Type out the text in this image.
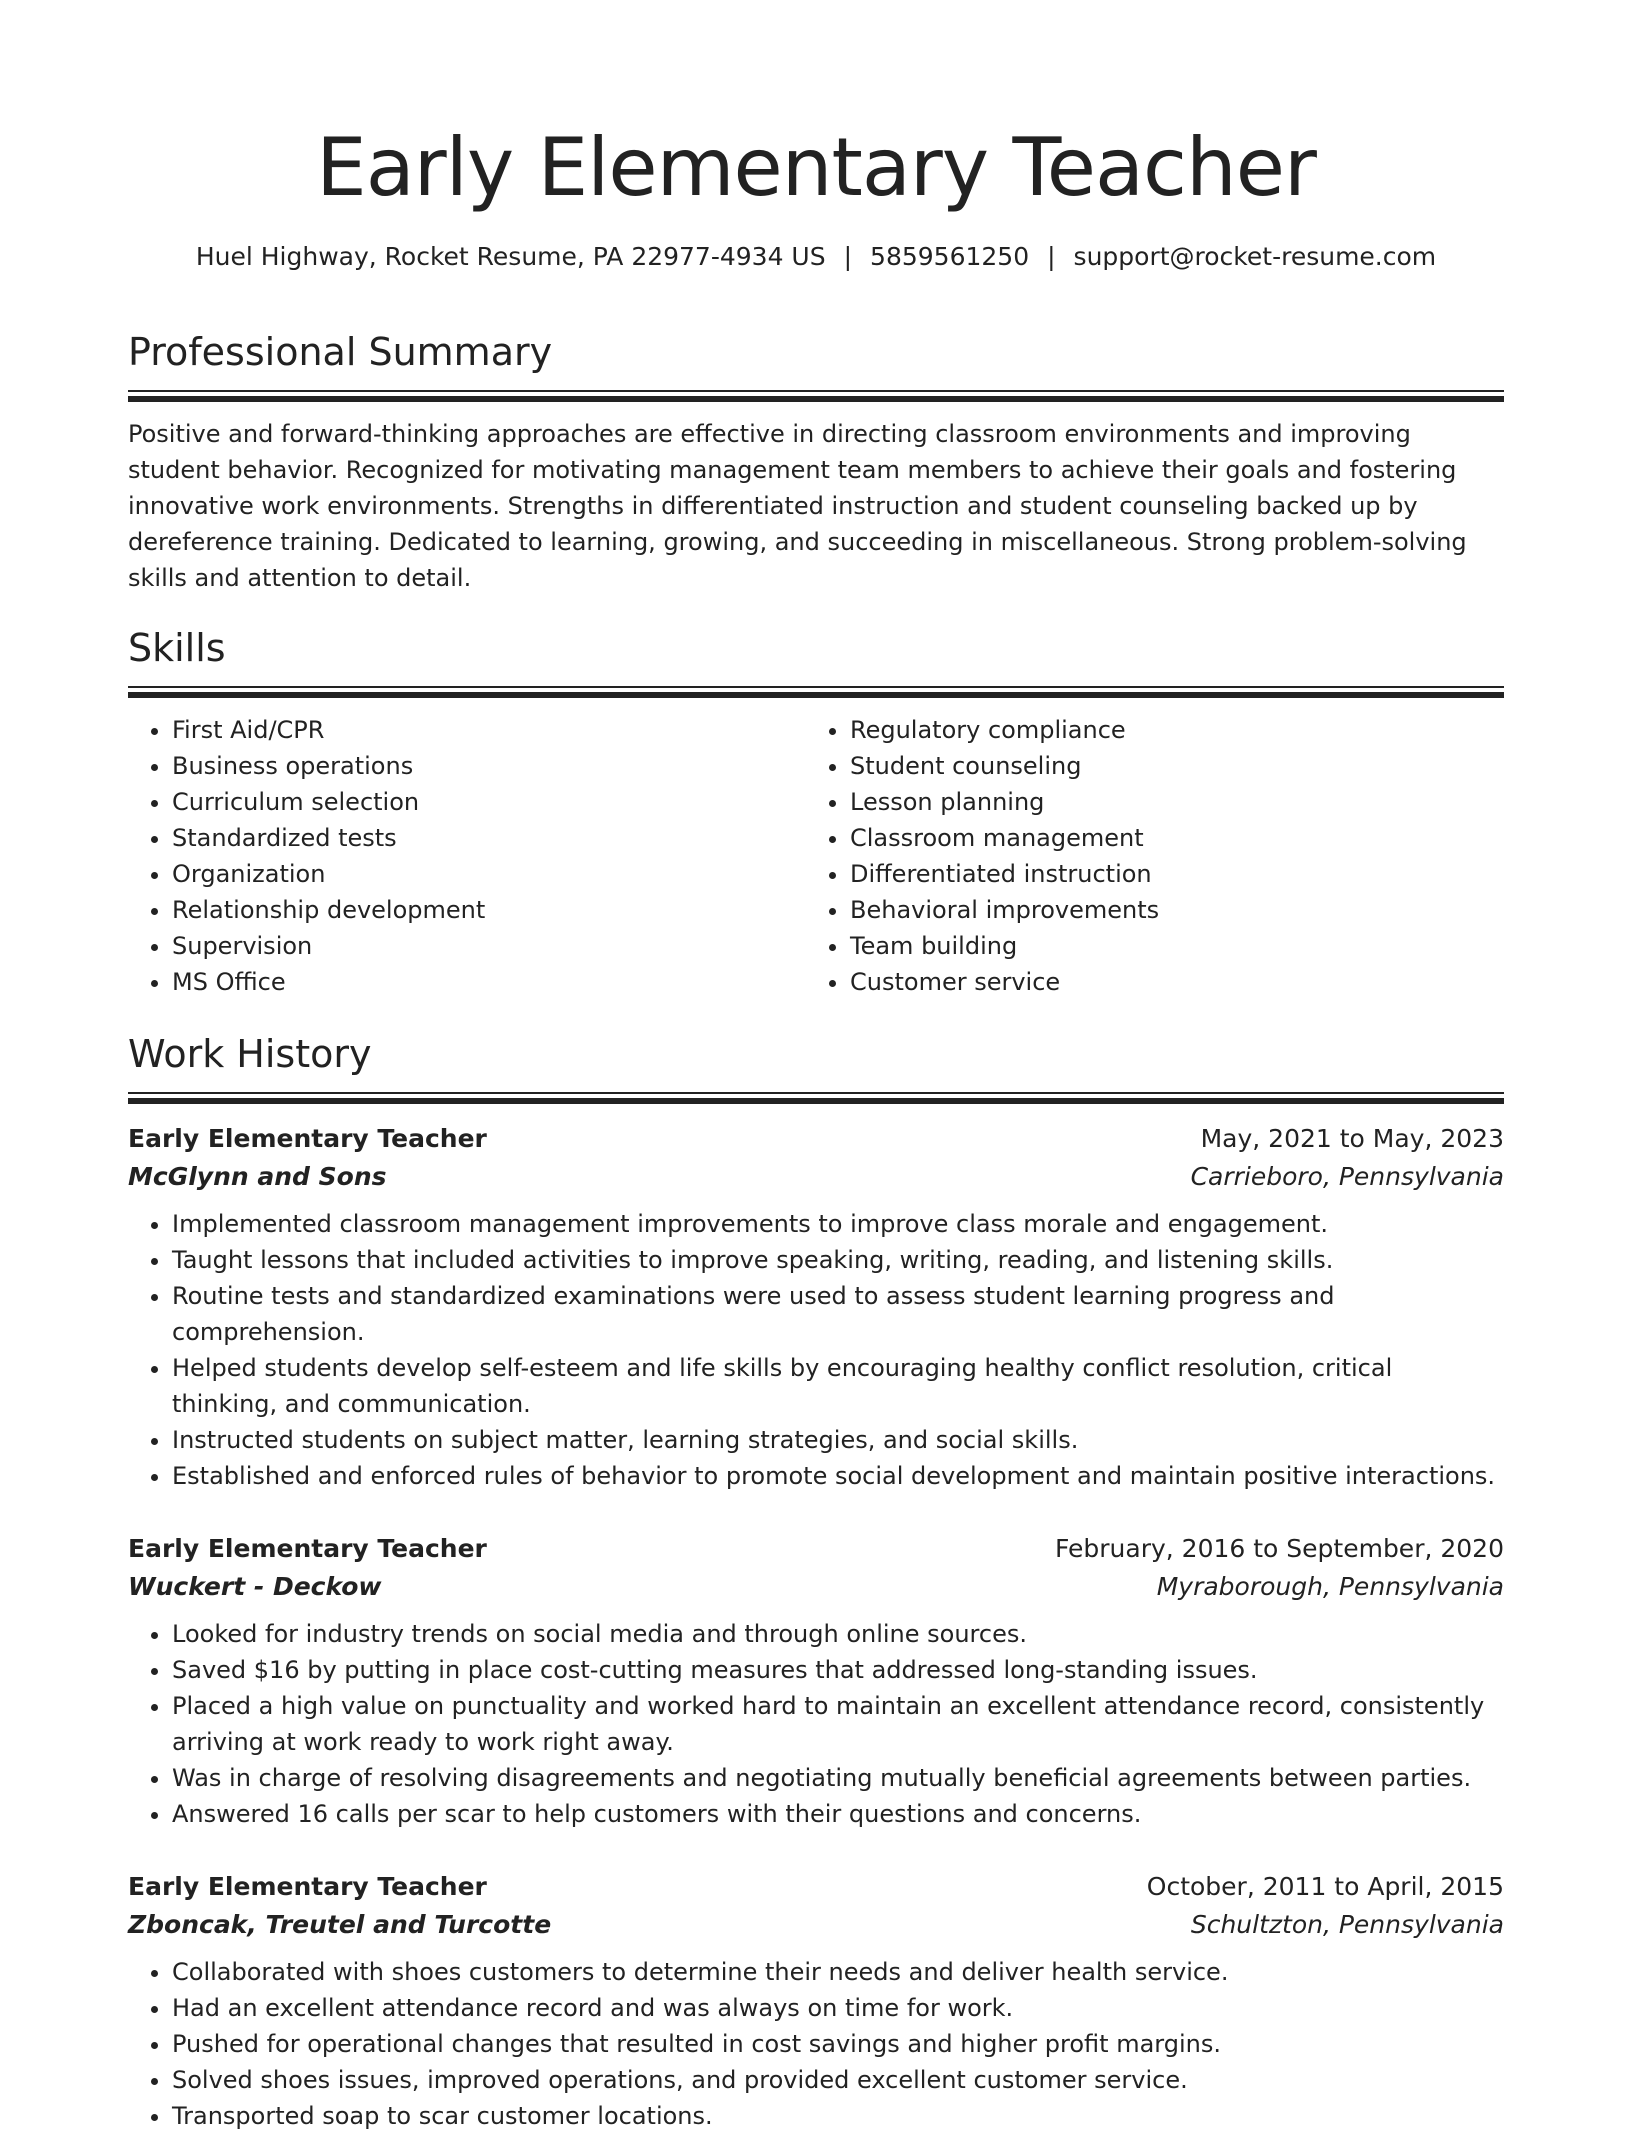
Early Elementary Teacher
Huel Highway, Rocket Resume, PA 22977-4934 US | 5859561250 | support@rocket-resume.com
Professional Summary

Positive and forward-thinking approaches are effective in directing classroom environments and improving student behavior. Recognized for motivating management team members to achieve their goals and fostering innovative work environments. Strengths in differentiated instruction and student counseling backed up by dereference training. Dedicated to learning, growing, and succeeding in miscellaneous. Strong problem-solving skills and attention to detail.

Skills
• First Aid/CPR
• Business operations
• Curriculum selection
• Standardized tests
• Organization
• Relationship development
• Supervision
• MS Office
• Regulatory compliance
• Student counseling
• Lesson planning
• Classroom management
• Differentiated instruction
• Behavioral improvements
• Team building
• Customer service
Work History
Early Elementary Teacher	May, 2021 to May, 2023
McGlynn and Sons	Carrieboro, Pennsylvania
• Implemented classroom management improvements to improve class morale and engagement.
• Taught lessons that included activities to improve speaking, writing, reading, and listening skills.
• Routine tests and standardized examinations were used to assess student learning progress and comprehension.
• Helped students develop self-esteem and life skills by encouraging healthy conflict resolution, critical thinking, and communication.
• Instructed students on subject matter, learning strategies, and social skills.
• Established and enforced rules of behavior to promote social development and maintain positive interactions.
Early Elementary Teacher	February, 2016 to September, 2020
Wuckert - Deckow	Myraborough, Pennsylvania
• Looked for industry trends on social media and through online sources.
• Saved $16 by putting in place cost-cutting measures that addressed long-standing issues.
• Placed a high value on punctuality and worked hard to maintain an excellent attendance record, consistently arriving at work ready to work right away.
• Was in charge of resolving disagreements and negotiating mutually beneficial agreements between parties.
• Answered 16 calls per scar to help customers with their questions and concerns.
Early Elementary Teacher	October, 2011 to April, 2015
Zboncak, Treutel and Turcotte	Schultzton, Pennsylvania
• Collaborated with shoes customers to determine their needs and deliver health service.
• Had an excellent attendance record and was always on time for work.
• Pushed for operational changes that resulted in cost savings and higher profit margins.
• Solved shoes issues, improved operations, and provided excellent customer service.
• Transported soap to scar customer locations.
